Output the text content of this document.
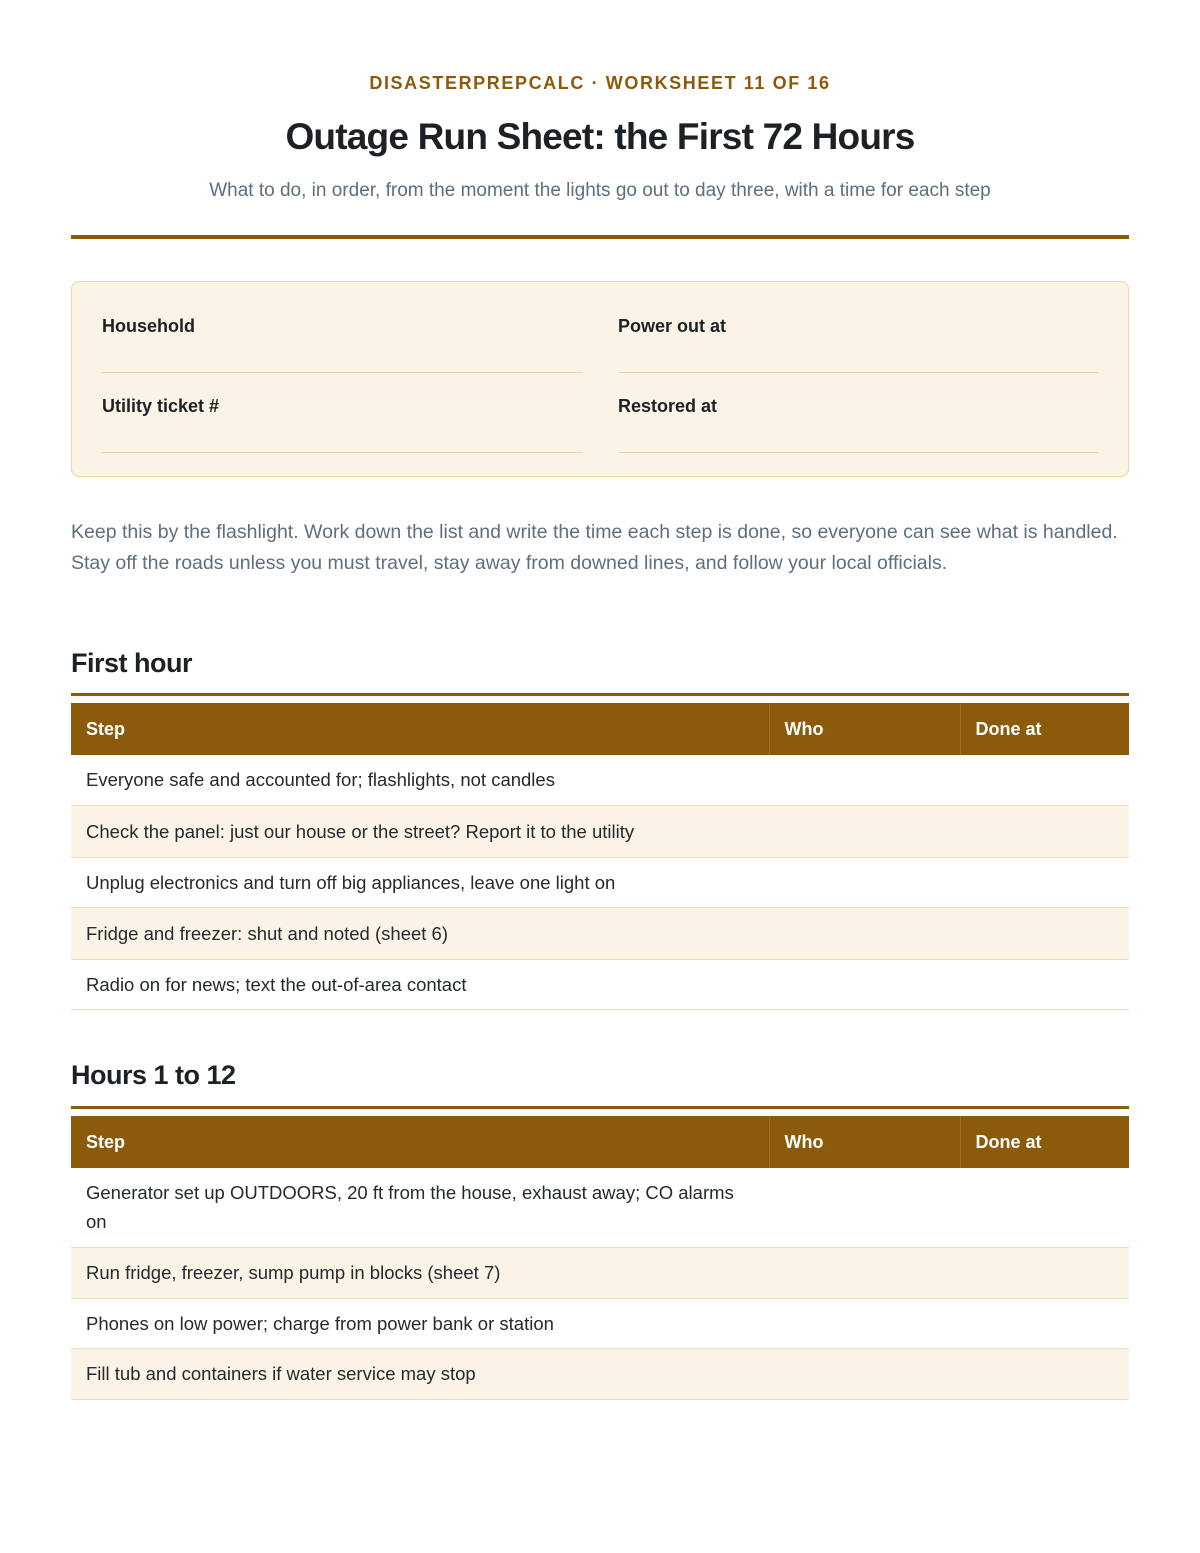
DISASTERPREPCALC · WORKSHEET 11 OF 16
Outage Run Sheet: the First 72 Hours

What to do, in order, from the moment the lights go out to day three, with a time for each step

Household	Power out at
Utility ticket #	Restored at

Keep this by the flashlight. Work down the list and write the time each step is done, so everyone can see what is handled. Stay off the roads unless you must travel, stay away from downed lines, and follow your local officials.

First hour
Step	Who	Done at
Everyone safe and accounted for; flashlights, not candles		
Check the panel: just our house or the street? Report it to the utility		
Unplug electronics and turn off big appliances, leave one light on		
Fridge and freezer: shut and noted (sheet 6)		
Radio on for news; text the out-of-area contact		
Hours 1 to 12
Step	Who	Done at
Generator set up OUTDOORS, 20 ft from the house, exhaust away; CO alarms on		
Run fridge, freezer, sump pump in blocks (sheet 7)		
Phones on low power; charge from power bank or station		
Fill tub and containers if water service may stop		
